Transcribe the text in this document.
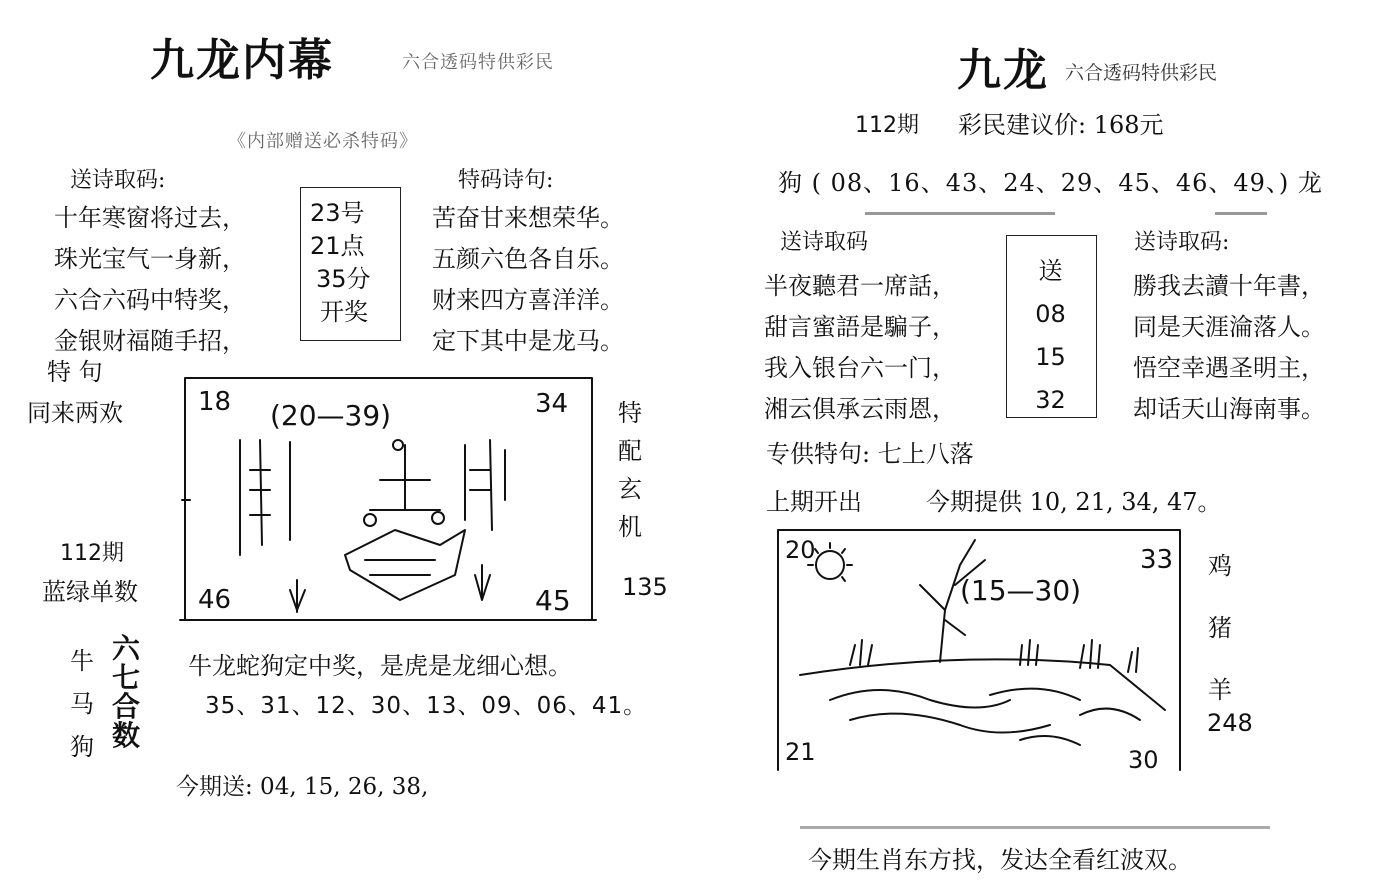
九龙内幕	六合透码特供彩民
《内部赠送必杀特码》
送诗取码:
十年寒窗将过去，
珠光宝气一身新，
六合六码中特奖，
金银财福随手招，
23号
21点
35分
开奖
特码诗句:
苦奋甘来想荣华。
五颜六色各自乐。
财来四方喜洋洋。
定下其中是龙马。
特 句
同来两欢
112期
蓝绿单数
18 (20—39)	34
46	45
特
配
玄
机
135
牛
马
狗
六
七
合
数
牛龙蛇狗定中奖，是虎是龙细心想。
35、31、12、30、13、09、06、41。
今期送: 04, 15, 26, 38,
九龙 六合透码特供彩民
112期 彩民建议价: 168元
狗 ( 08、16、43、24、29、45、46、49、) 龙
送诗取码
半夜聽君一席話，
甜言蜜語是騙子，
我入银台六一门，
湘云俱承云雨恩，
送
08
15
32
送诗取码:
勝我去讀十年書，
同是天涯淪落人。
悟空幸遇圣明主，
却话天山海南事。
专供特句: 七上八落
上期开出	今期提供 10, 21, 34, 47。
20
(15—30)
33
21	30
鸡
猪
羊
248
今期生肖东方找，发达全看红波双。
